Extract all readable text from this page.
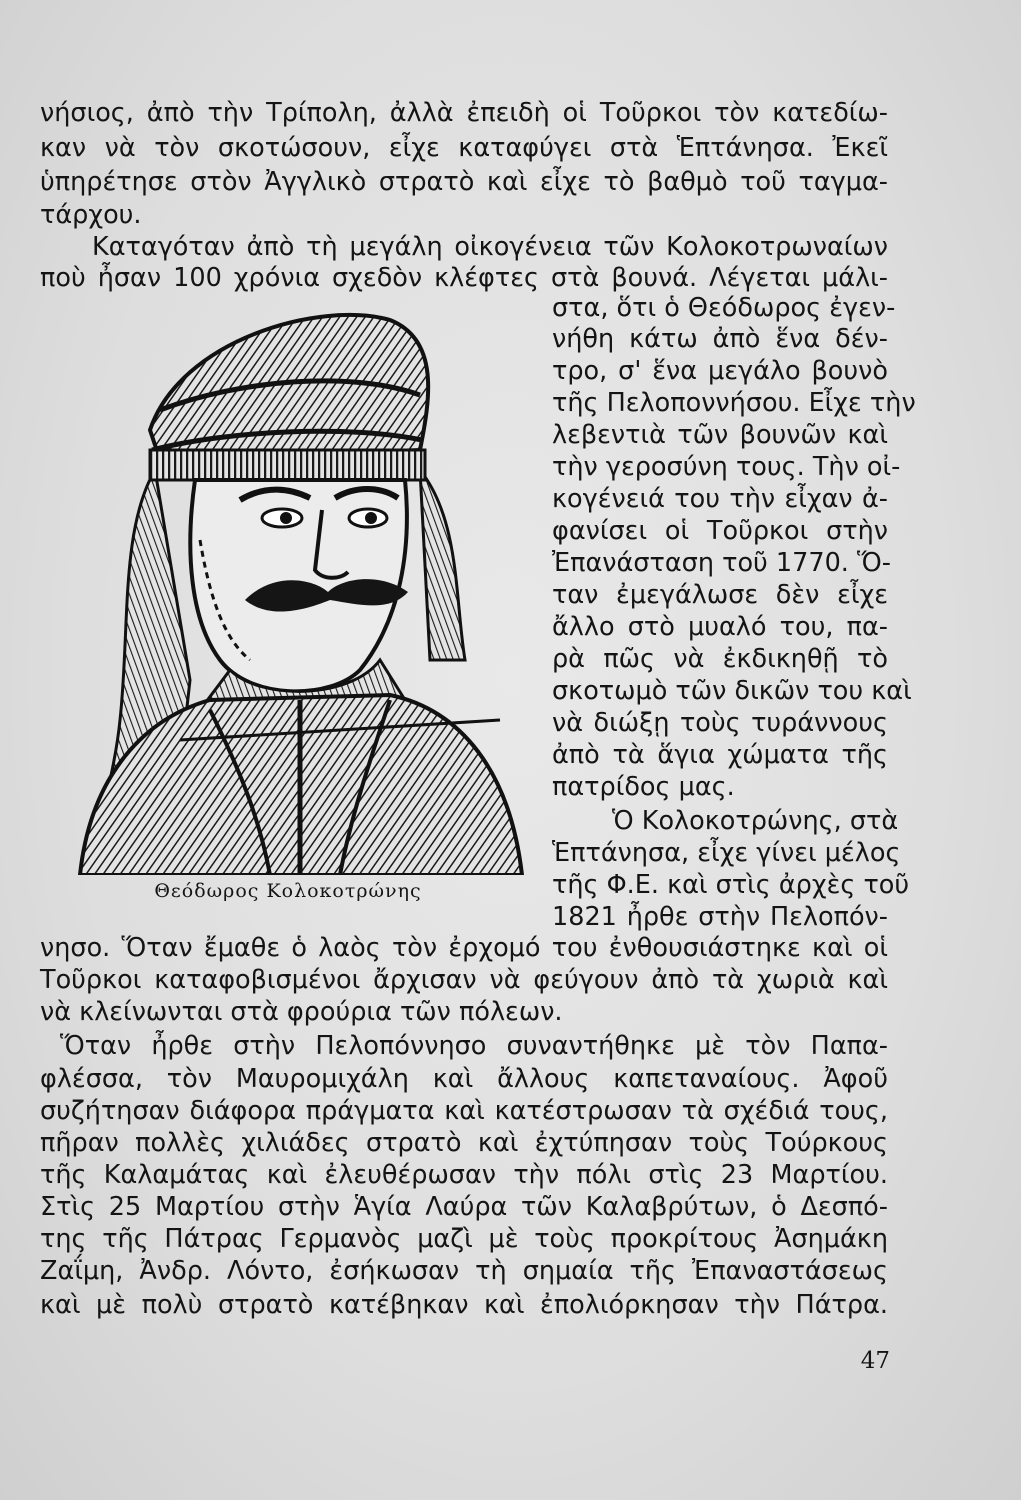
νήσιος, ἀπὸ τὴν Τρίπολη, ἀλλὰ ἐπειδὴ οἱ Τοῦρκοι τὸν κατεδίω-
καν νὰ τὸν σκοτώσουν, εἶχε καταφύγει στὰ Ἑπτάνησα. Ἐκεῖ
ὑπηρέτησε στὸν Ἀγγλικὸ στρατὸ καὶ εἶχε τὸ βαθμὸ τοῦ ταγμα-
τάρχου.
Καταγόταν ἀπὸ τὴ μεγάλη οἰκογένεια τῶν Κολοκοτρωναίων
ποὺ ἦσαν 100 χρόνια σχεδὸν κλέφτες στὰ βουνά. Λέγεται μάλι-
στα, ὅτι ὁ Θεόδωρος ἐγεν-
νήθη κάτω ἀπὸ ἕνα δέν-
τρο, σ' ἕνα μεγάλο βουνὸ
τῆς Πελοποννήσου. Εἶχε τὴν
λεβεντιὰ τῶν βουνῶν καὶ
τὴν γεροσύνη τους. Τὴν οἰ-
κογένειά του τὴν εἶχαν ἀ-
φανίσει οἱ Τοῦρκοι στὴν
Ἐπανάσταση τοῦ 1770. Ὅ-
ταν ἐμεγάλωσε δὲν εἶχε
ἄλλο στὸ μυαλό του, πα-
ρὰ πῶς νὰ ἐκδικηθῇ τὸ
σκοτωμὸ τῶν δικῶν του καὶ
νὰ διώξῃ τοὺς τυράννους
ἀπὸ τὰ ἅγια χώματα τῆς
πατρίδος μας.
Ὁ Κολοκοτρώνης, στὰ
Ἑπτάνησα, εἶχε γίνει μέλος
τῆς Φ.Ε. καὶ στὶς ἀρχὲς τοῦ
1821 ἦρθε στὴν Πελοπόν-
Θεόδωρος Κολοκοτρώνης
νησο. Ὅταν ἔμαθε ὁ λαὸς τὸν ἐρχομό του ἐνθουσιάστηκε καὶ οἱ
Τοῦρκοι καταφοβισμένοι ἄρχισαν νὰ φεύγουν ἀπὸ τὰ χωριὰ καὶ
νὰ κλείνωνται στὰ φρούρια τῶν πόλεων.
Ὅταν ἦρθε στὴν Πελοπόννησο συναντήθηκε μὲ τὸν Παπα-
φλέσσα, τὸν Μαυρομιχάλη καὶ ἄλλους καπεταναίους. Ἀφοῦ
συζήτησαν διάφορα πράγματα καὶ κατέστρωσαν τὰ σχέδιά τους,
πῆραν πολλὲς χιλιάδες στρατὸ καὶ ἐχτύπησαν τοὺς Τούρκους
τῆς Καλαμάτας καὶ ἐλευθέρωσαν τὴν πόλι στὶς 23 Μαρτίου.
Στὶς 25 Μαρτίου στὴν Ἁγία Λαύρα τῶν Καλαβρύτων, ὁ Δεσπό-
της τῆς Πάτρας Γερμανὸς μαζὶ μὲ τοὺς προκρίτους Ἀσημάκη
Ζαΐμη, Ἀνδρ. Λόντο, ἐσήκωσαν τὴ σημαία τῆς Ἐπαναστάσεως
καὶ μὲ πολὺ στρατὸ κατέβηκαν καὶ ἐπολιόρκησαν τὴν Πάτρα.
47
